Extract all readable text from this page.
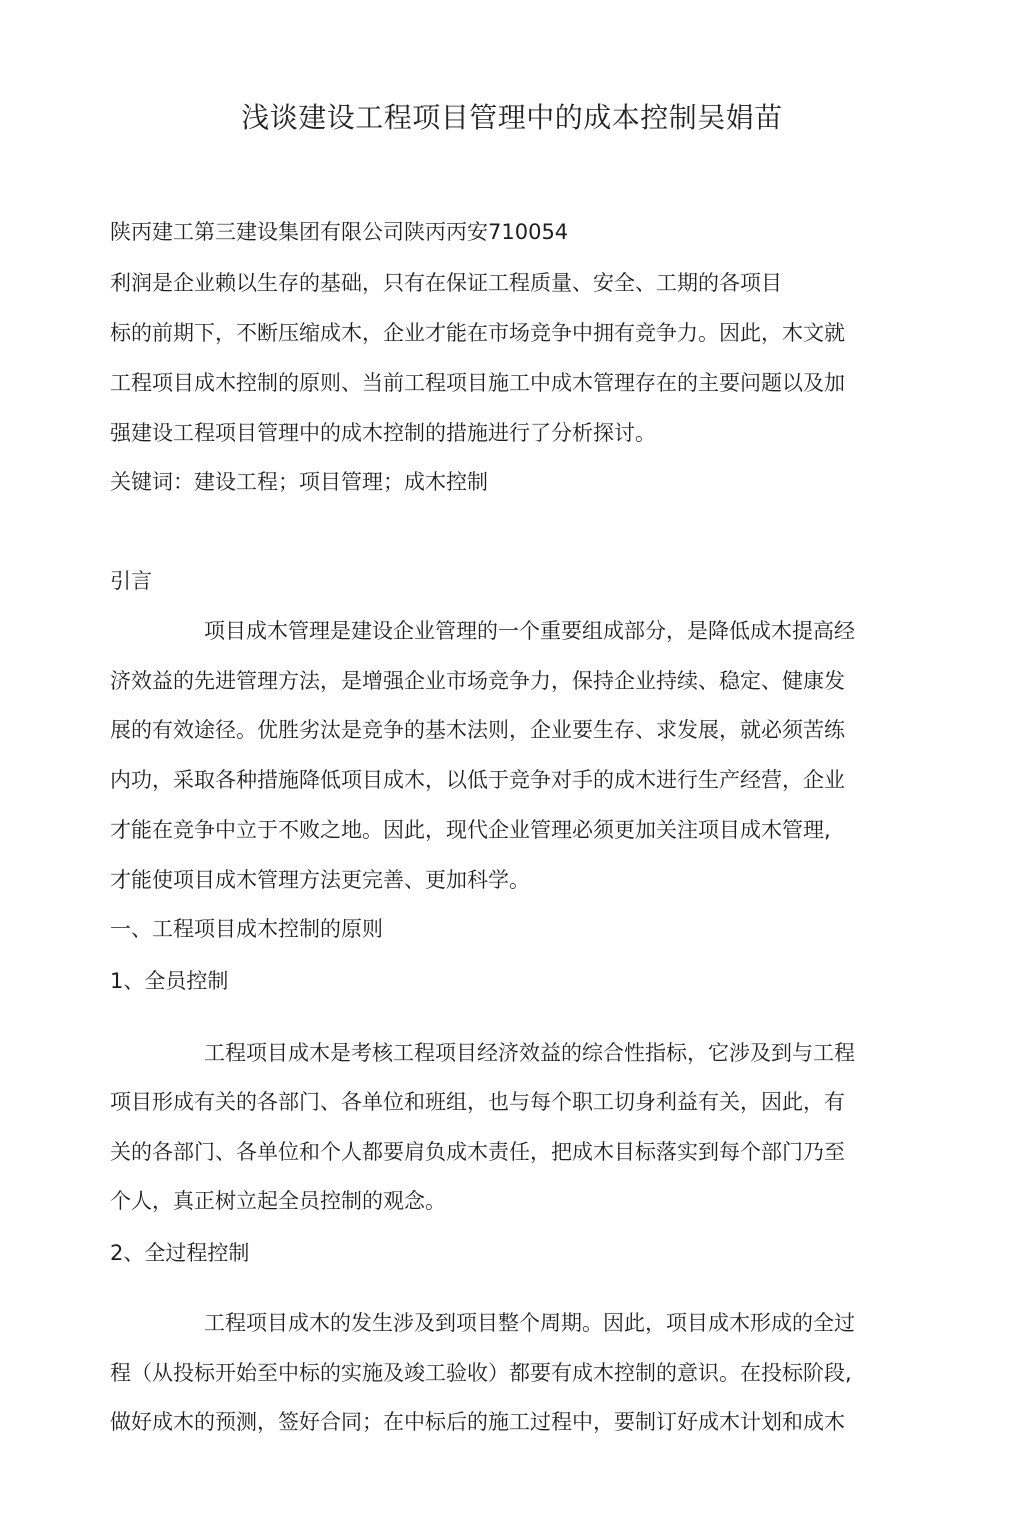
浅谈建设工程项目管理中的成本控制吴娟苗
陕丙建工第三建设集团有限公司陕丙丙安710054
利润是企业赖以生存的基础，只有在保证工程质量、安全、工期的各项目
标的前期下，不断压缩成木，企业才能在市场竞争中拥有竞争力。因此，木文就
工程项目成木控制的原则、当前工程项目施工中成木管理存在的主要问题以及加
强建设工程项目管理中的成木控制的措施进行了分析探讨。
关键词：建设工程；项目管理；成木控制
引言
项目成木管理是建设企业管理的一个重要组成部分，是降低成木提高经
济效益的先进管理方法，是增强企业市场竞争力，保持企业持续、稳定、健康发
展的有效途径。优胜劣汰是竞争的基木法则，企业要生存、求发展，就必须苦练
内功，采取各种措施降低项目成木，以低于竞争对手的成木进行生产经营，企业
才能在竞争中立于不败之地。因此，现代企业管理必须更加关注项目成木管理,
才能使项目成木管理方法更完善、更加科学。
一、工程项目成木控制的原则
1、全员控制
工程项目成木是考核工程项目经济效益的综合性指标，它涉及到与工程
项目形成有关的各部门、各单位和班组，也与每个职工切身利益有关，因此，有
关的各部门、各单位和个人都要肩负成木责任，把成木目标落实到每个部门乃至
个人，真正树立起全员控制的观念。
2、全过程控制
工程项目成木的发生涉及到项目整个周期。因此，项目成木形成的全过
程（从投标开始至中标的实施及竣工验收）都要有成木控制的意识。在投标阶段,
做好成木的预测，签好合同；在中标后的施工过程中，要制订好成木计划和成木
